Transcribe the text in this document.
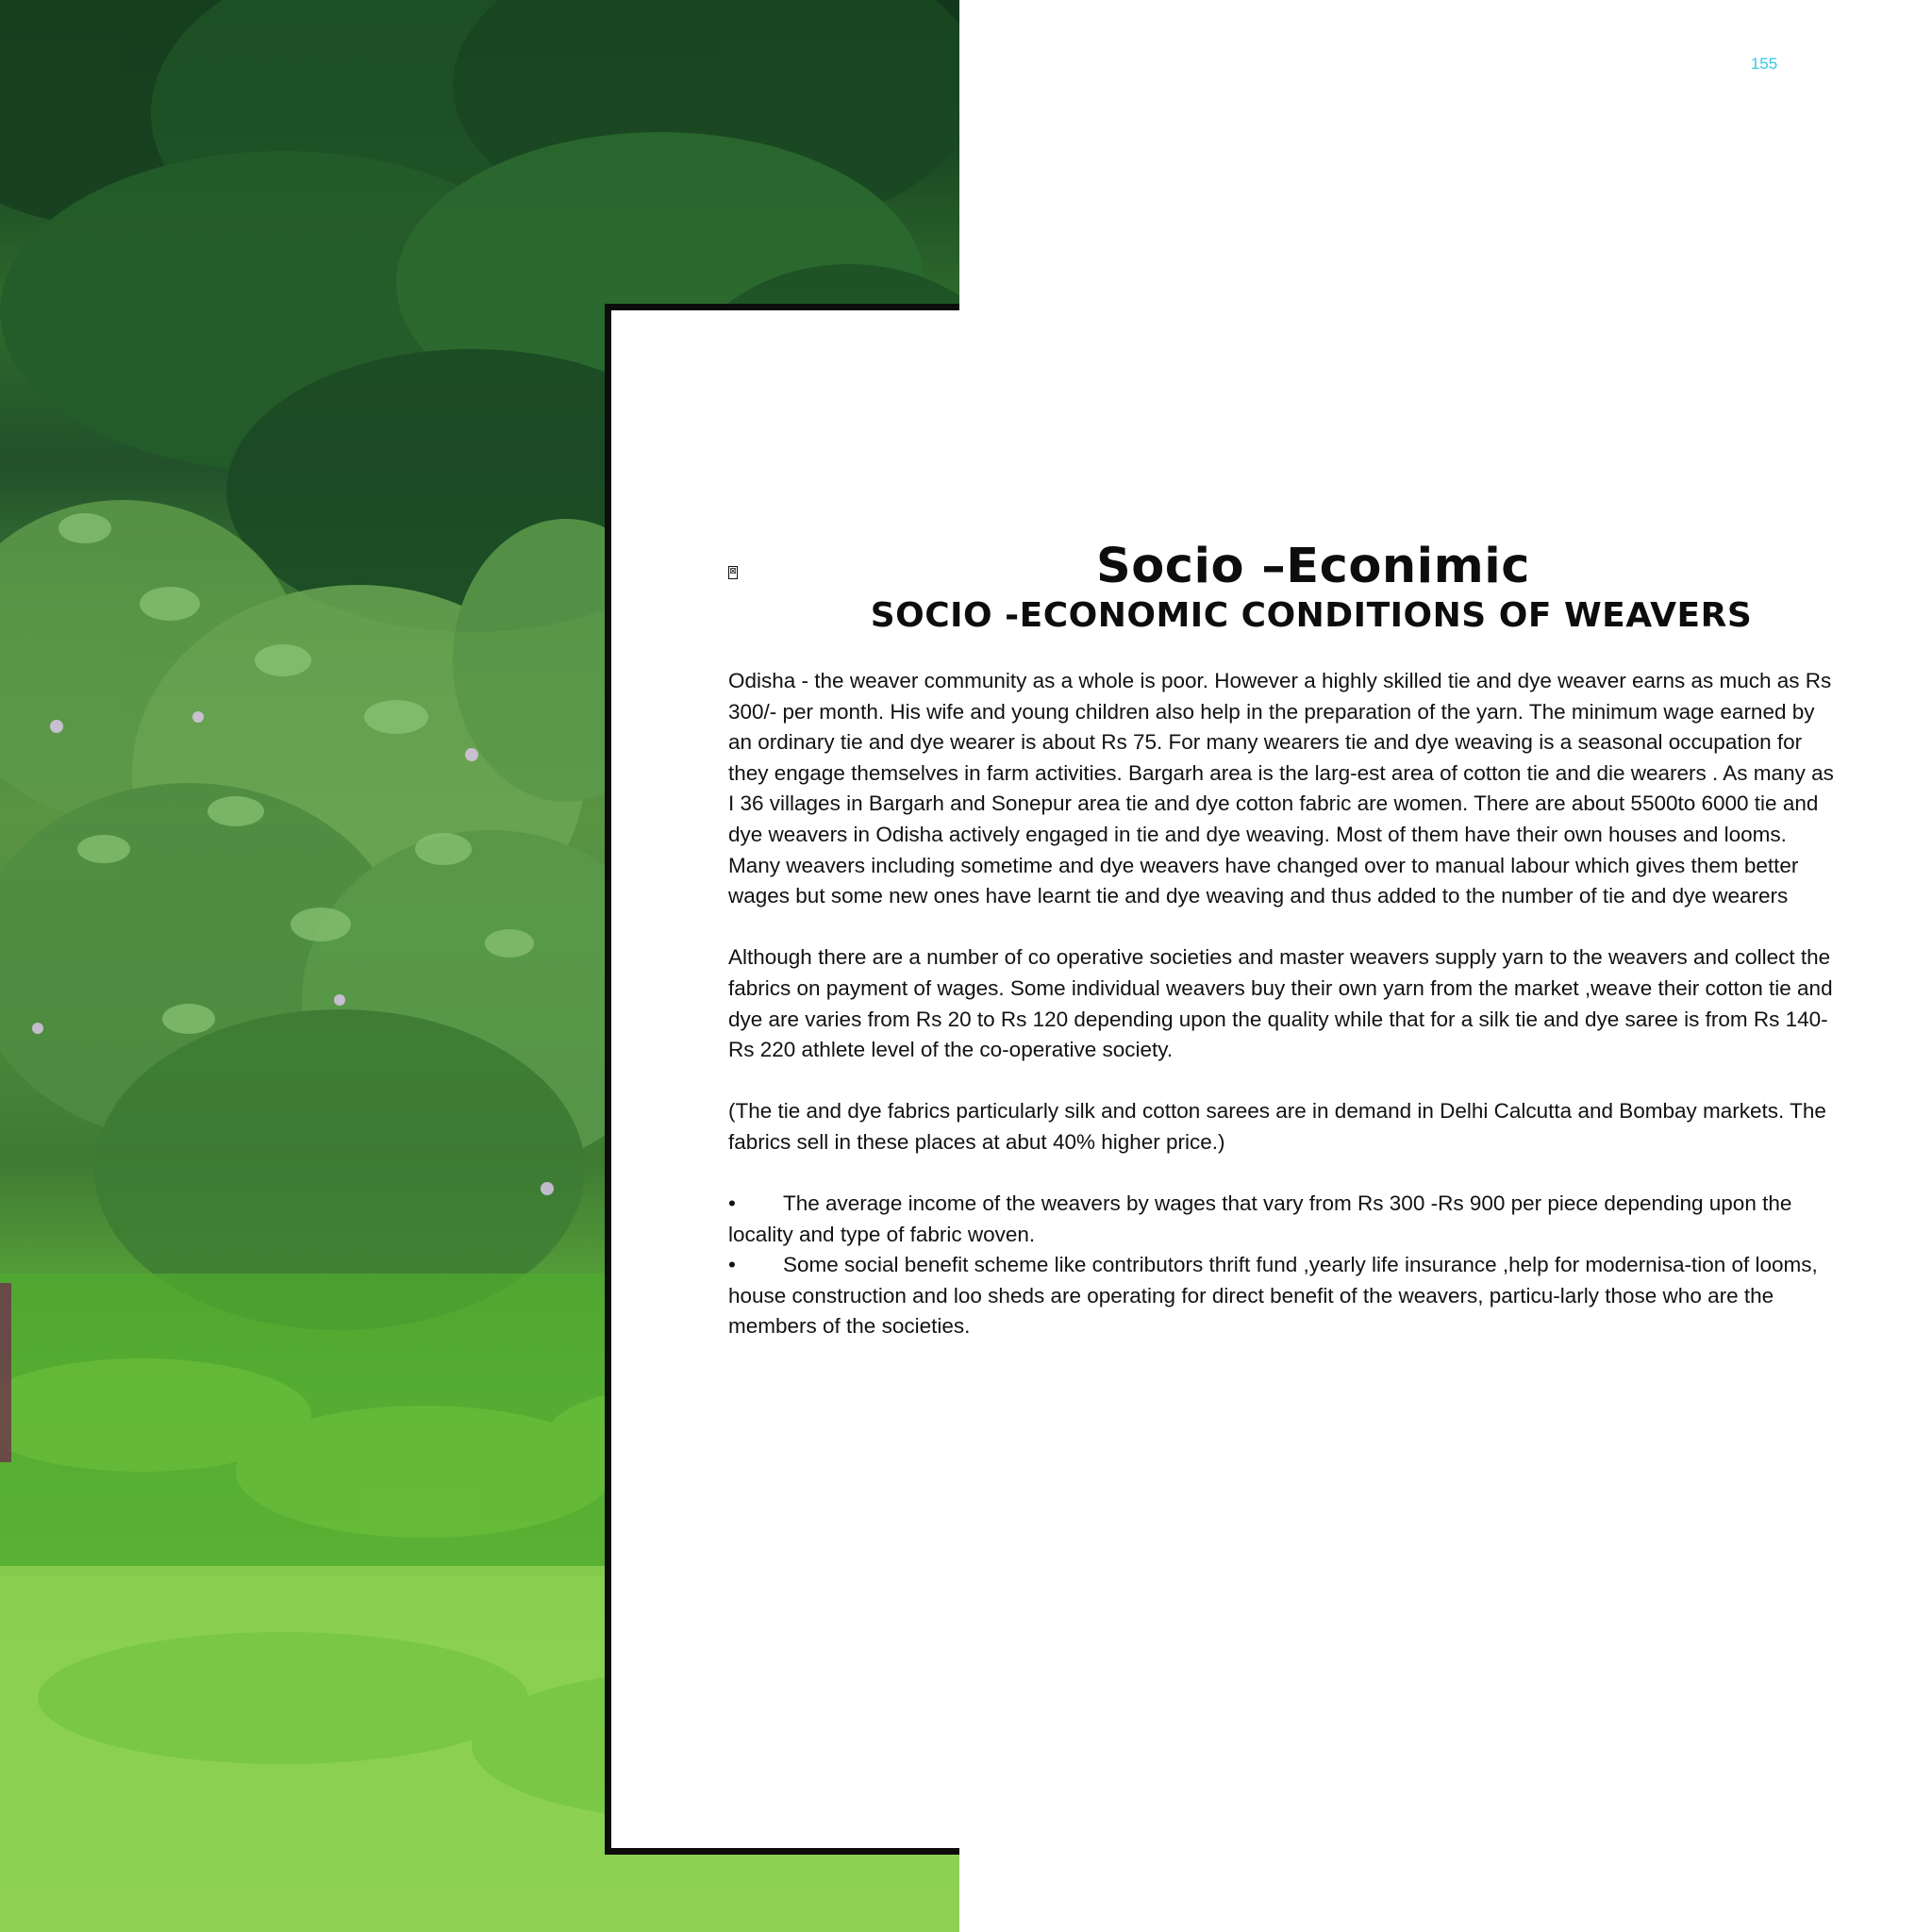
155
⊠	Socio –Econimic
SOCIO -ECONOMIC CONDITIONS OF WEAVERS

Odisha - the weaver community as a whole is poor. However a highly skilled tie and dye weaver earns as much as Rs 300/- per month. His wife and young children also help in the preparation of the yarn. The minimum wage earned by an ordinary tie and dye wearer is about Rs 75. For many wearers tie and dye weaving is a seasonal occupation for they engage themselves in farm activities. Bargarh area is the larg-est area of cotton tie and die wearers . As many as I 36 villages in Bargarh and Sonepur area tie and dye cotton fabric are women. There are about 5500to 6000 tie and dye weavers in Odisha actively engaged in tie and dye weaving. Most of them have their own houses and looms. Many weavers including sometime and dye weavers have changed over to manual labour which gives them better wages but some new ones have learnt tie and dye weaving and thus added to the number of tie and dye wearers

Although there are a number of co operative societies and master weavers supply yarn to the weavers and collect the fabrics on payment of wages. Some individual weavers buy their own yarn from the market ,weave their cotton tie and dye are varies from Rs 20 to Rs 120 depending upon the quality while that for a silk tie and dye saree is from Rs 140- Rs 220 athlete level of the co-operative society.

(The tie and dye fabrics particularly silk and cotton sarees are in demand in Delhi Calcutta and Bombay markets. The fabrics sell in these places at abut 40% higher price.)

• The average income of the weavers by wages that vary from Rs 300 -Rs 900 per piece depending upon the locality and type of fabric woven.
• Some social benefit scheme like contributors thrift fund ,yearly life insurance ,help for modernisa-tion of looms, house construction and loo sheds are operating for direct benefit of the weavers, particu-larly those who are the members of the societies.
